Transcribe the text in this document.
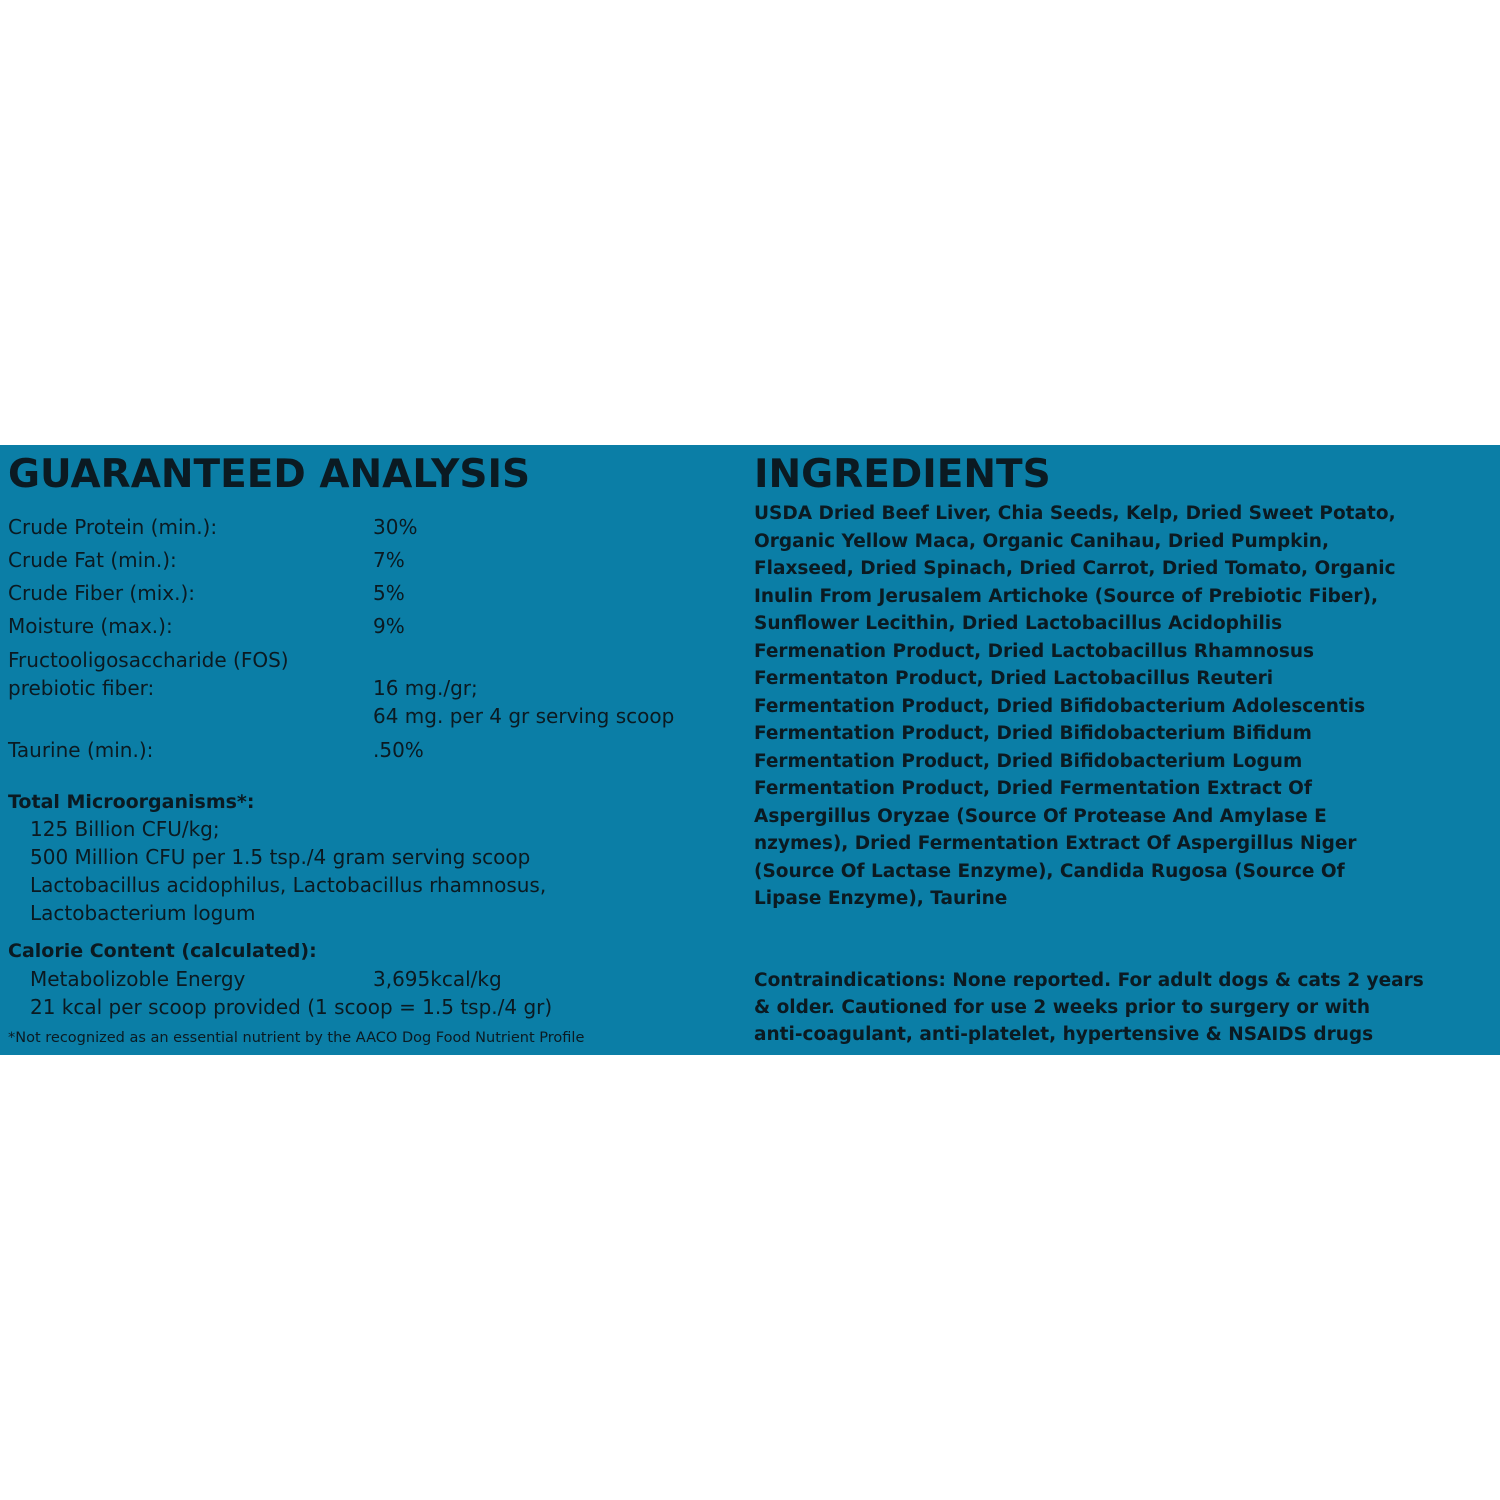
GUARANTEED ANALYSIS
Crude Protein (min.):	30%
Crude Fat (min.):	7%
Crude Fiber (mix.):	5%
Moisture (max.):	9%
Fructooligosaccharide (FOS)
prebiotic fiber:	16 mg./gr;
64 mg. per 4 gr serving scoop
Taurine (min.):	.50%
Total Microorganisms*:
125 Billion CFU/kg;
500 Million CFU per 1.5 tsp./4 gram serving scoop
Lactobacillus acidophilus, Lactobacillus rhamnosus,
Lactobacterium logum
Calorie Content (calculated):
Metabolizoble Energy	3,695kcal/kg
21 kcal per scoop provided (1 scoop = 1.5 tsp./4 gr)
*Not recognized as an essential nutrient by the AACO Dog Food Nutrient Profile
INGREDIENTS

USDA Dried Beef Liver, Chia Seeds, Kelp, Dried Sweet Potato,
Organic Yellow Maca, Organic Canihau, Dried Pumpkin,
Flaxseed, Dried Spinach, Dried Carrot, Dried Tomato, Organic
Inulin From Jerusalem Artichoke (Source of Prebiotic Fiber),
Sunflower Lecithin, Dried Lactobacillus Acidophilis
Fermenation Product, Dried Lactobacillus Rhamnosus
Fermentaton Product, Dried Lactobacillus Reuteri
Fermentation Product, Dried Bifidobacterium Adolescentis
Fermentation Product, Dried Bifidobacterium Bifidum
Fermentation Product, Dried Bifidobacterium Logum
Fermentation Product, Dried Fermentation Extract Of
Aspergillus Oryzae (Source Of Protease And Amylase E
nzymes), Dried Fermentation Extract Of Aspergillus Niger
(Source Of Lactase Enzyme), Candida Rugosa (Source Of
Lipase Enzyme), Taurine

Contraindications: None reported. For adult dogs & cats 2 years
& older. Cautioned for use 2 weeks prior to surgery or with
anti-coagulant, anti-platelet, hypertensive & NSAIDS drugs
